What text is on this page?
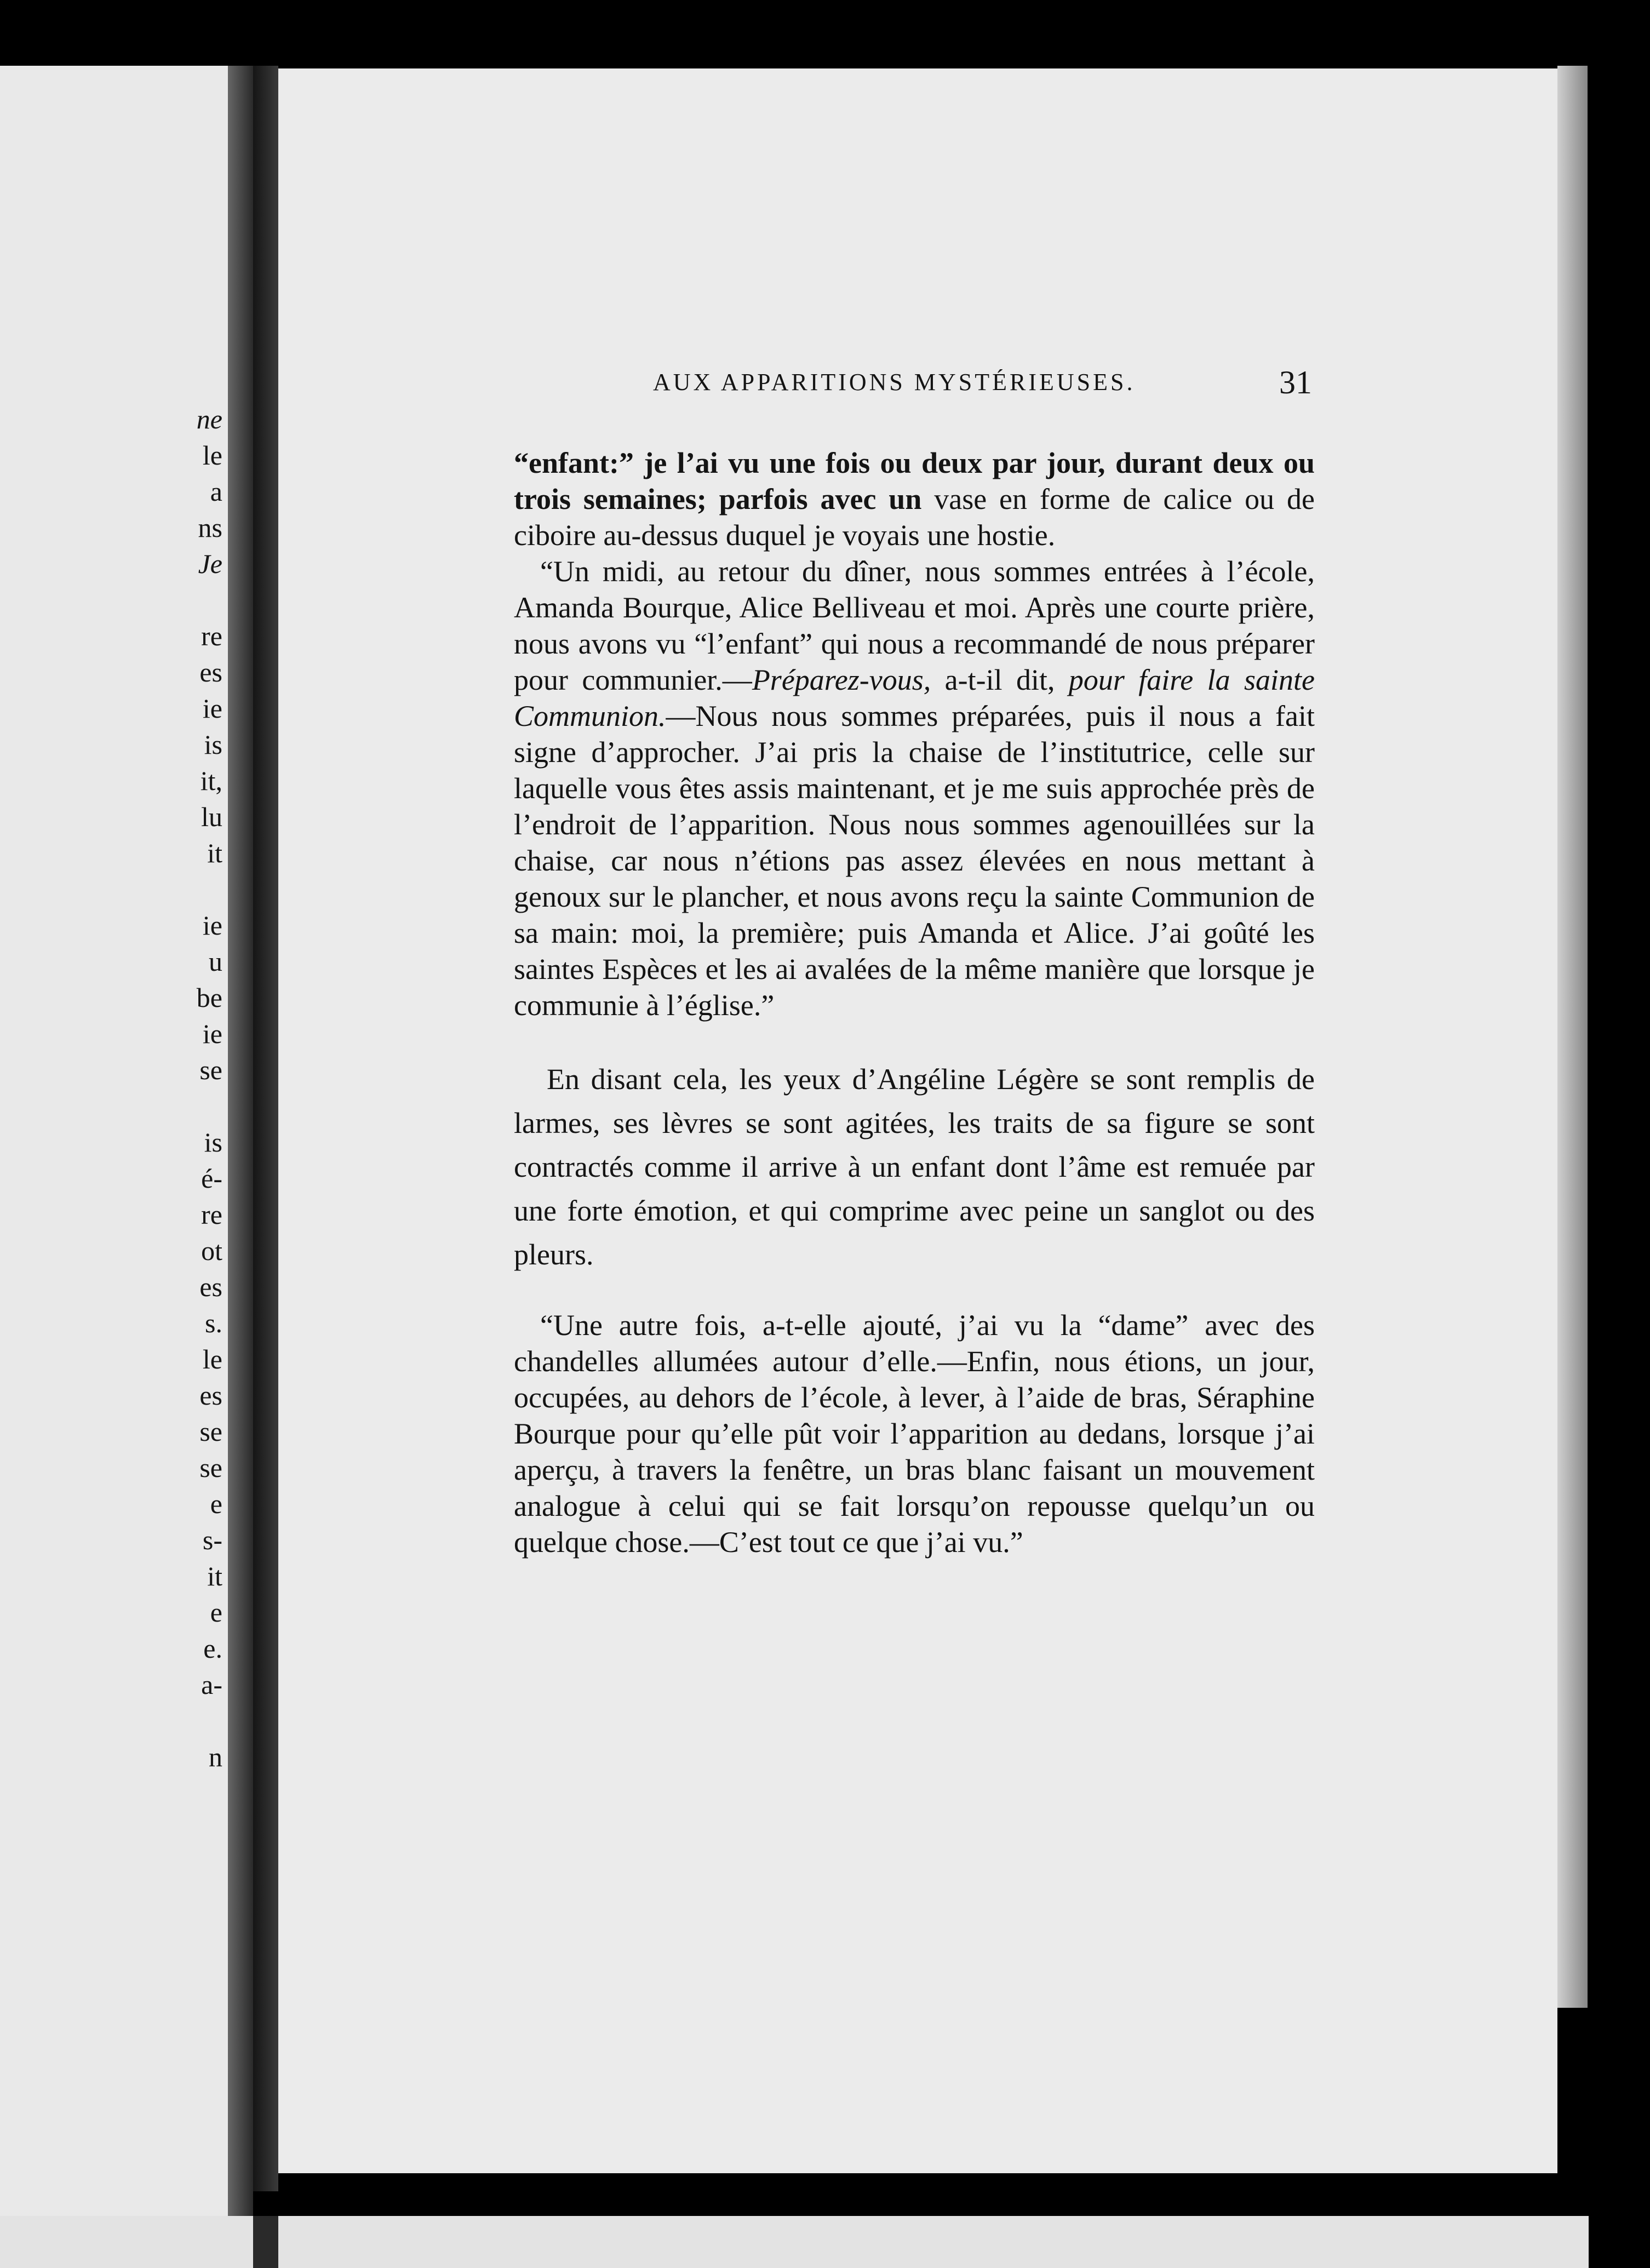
ne
le
a
ns
Je
re
es
ie
is
it,
lu
it
ie
u
be
ie
se
is
é-
re
ot
es
s.
le
es
se
se
e
s-
it
e
e.
a-
n
AUX APPARITIONS MYSTÉRIEUSES.	31

“enfant:” je l’ai vu une fois ou deux par jour, durant deux ou trois semaines; parfois avec un vase en forme de calice ou de ciboire au-dessus duquel je voyais une hostie.

“Un midi, au retour du dîner, nous sommes entrées à l’école, Amanda Bourque, Alice Belliveau et moi. Après une courte prière, nous avons vu “l’enfant” qui nous a recommandé de nous préparer pour communier.—Préparez-vous, a-t-il dit, pour faire la sainte Communion.—Nous nous sommes préparées, puis il nous a fait signe d’approcher. J’ai pris la chaise de l’institutrice, celle sur laquelle vous êtes assis maintenant, et je me suis approchée près de l’endroit de l’apparition. Nous nous sommes agenouillées sur la chaise, car nous n’étions pas assez élevées en nous mettant à genoux sur le plancher, et nous avons reçu la sainte Communion de sa main: moi, la première; puis Amanda et Alice. J’ai goûté les saintes Espèces et les ai avalées de la même manière que lorsque je communie à l’église.”

En disant cela, les yeux d’Angéline Légère se sont remplis de larmes, ses lèvres se sont agitées, les traits de sa figure se sont contractés comme il arrive à un enfant dont l’âme est remuée par une forte émotion, et qui comprime avec peine un sanglot ou des pleurs.

“Une autre fois, a-t-elle ajouté, j’ai vu la “dame” avec des chandelles allumées autour d’elle.—Enfin, nous étions, un jour, occupées, au dehors de l’école, à lever, à l’aide de bras, Séraphine Bourque pour qu’elle pût voir l’apparition au dedans, lorsque j’ai aperçu, à travers la fenêtre, un bras blanc faisant un mouvement analogue à celui qui se fait lorsqu’on repousse quelqu’un ou quelque chose.—C’est tout ce que j’ai vu.”
